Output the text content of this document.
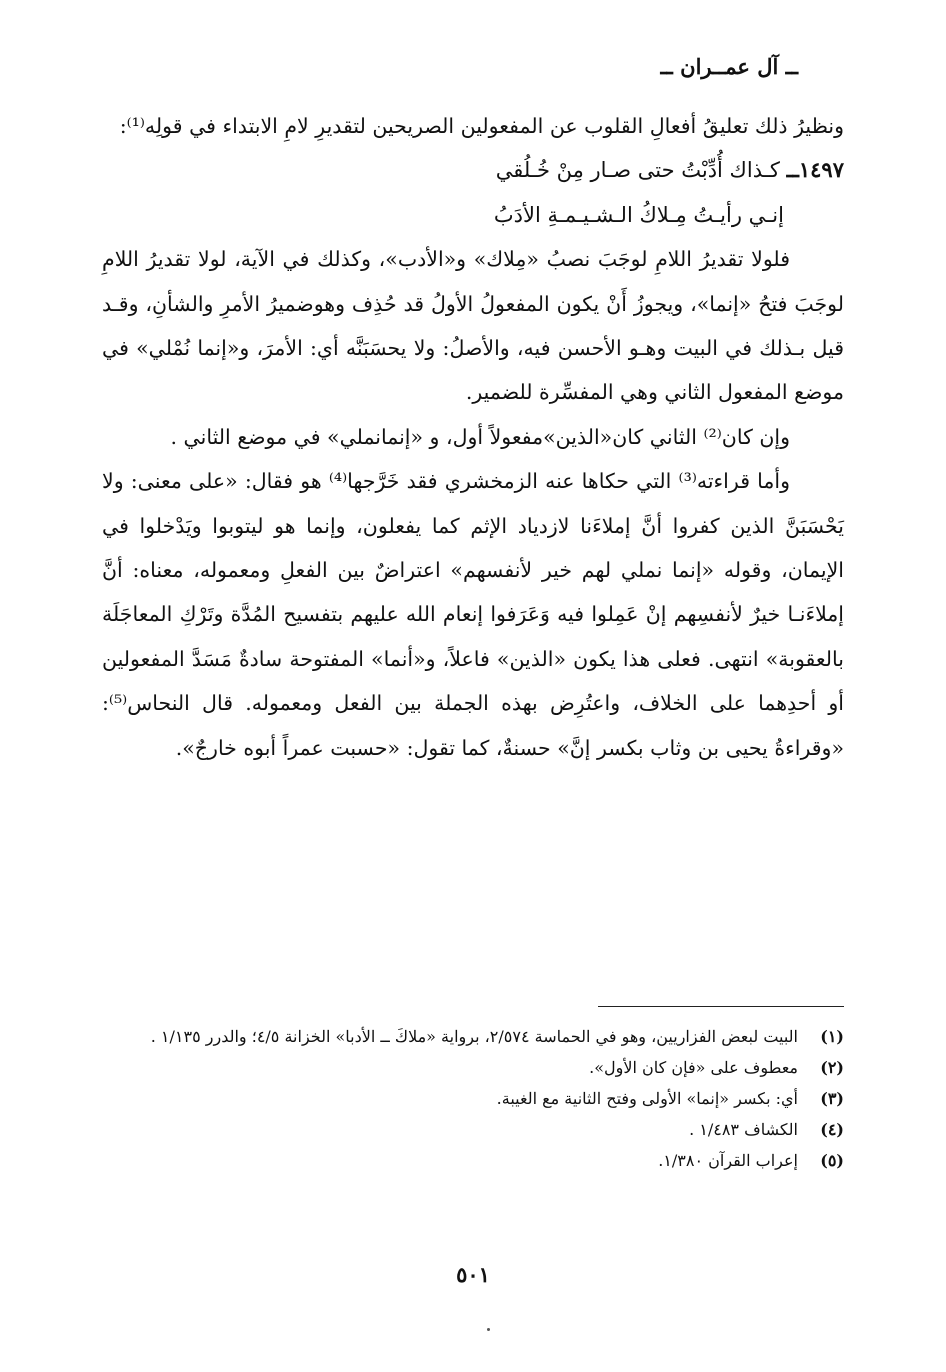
ــ آل عمــران ــ

ونظيرُ ذلك تعليقُ أفعالِ القلوب عن المفعولين الصريحين لتقديرِ لامِ الابتداء في قولِه⁽¹⁾:

١٤٩٧ــ كـذاك أُدِّبْتُ حتى صـار مِنْ خُـلُقي

إنـي رأيـتُ مِـلاكُ الـشـيـمـةِ الأدَبُ

فلولا تقديرُ اللامِ لوجَبَ نصبُ «مِلاك» و«الأدب»، وكذلك في الآية، لولا تقديرُ اللامِ لوجَبَ فتحُ «إنما»، ويجوزُ أَنْ يكون المفعولُ الأولُ قد حُذِف وهوضميرُ الأمرِ والشأنِ، وقـد قيل بـذلك في البيت وهـو الأحسن فيه، والأصلُ: ولا يحسَبَنَّه أي: الأمرَ، و«إنما نُمْلي» في موضع المفعول الثاني وهي المفسِّرة للضمير.

وإن كان⁽²⁾ الثاني كان«الذين»مفعولاً أول، و «إنمانملي» في موضع الثاني .

وأما قراءته⁽³⁾ التي حكاها عنه الزمخشري فقد خَرَّجها⁽⁴⁾ هو فقال: «على معنى: ولا يَحْسَبَنَّ الذين كفروا أنَّ إملاءَنا لازدياد الإثم كما يفعلون، وإنما هو ليتوبوا ويَدْخلوا في الإيمان، وقوله «إنما نملي لهم خير لأنفسهم» اعتراضٌ بين الفعلِ ومعموله، معناه: أنَّ إملاءَنـا خيرٌ لأنفسِهم إنْ عَمِلوا فيه وَعَرَفوا إنعام الله عليهم بتفسيح المُدَّة وتَرْكِ المعاجَلَة بالعقوبة» انتهى. فعلى هذا يكون «الذين» فاعلاً، و«أنما» المفتوحة سادةٌ مَسَدَّ المفعولين أو أحدِهما على الخلاف، واعتُرِض بهذه الجملة بين الفعل ومعموله. قال النحاس⁽⁵⁾: «وقراءةُ يحيى بن وثاب بكسر إنَّ» حسنةٌ، كما تقول: «حسبت عمراً أبوه خارجٌ».

(١)
البيت لبعض الفزاريين، وهو في الحماسة ٢/٥٧٤، برواية «ملاكَ ــ الأدبا» الخزانة ٤/٥؛ والدرر ١/١٣٥ .
(٢)
معطوف على «فإن كان الأول».
(٣)
أي: بكسر «إنما» الأولى وفتح الثانية مع الغيبة.
(٤)
الكشاف ١/٤٨٣ .
(٥)
إعراب القرآن ١/٣٨٠.
٥٠١
